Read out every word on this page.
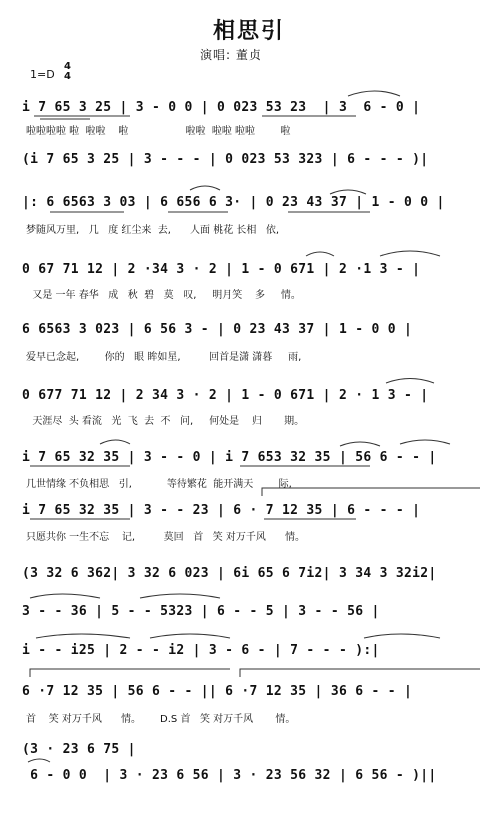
相思引
演唱: 董贞
1=D
4
4
i 7 65 3 25 | 3 - 0 0 | 0 023 53 23  | 3  6 - 0 |
啦啦啦啦 啦  啦啦    啦                  啦啦  啦啦 啦啦        啦
(i 7 65 3 25 | 3 - - - | 0 023 53 323 | 6 - - - )|
|: 6 6563 3 03 | 6 656 6 3· | 0 23 43 37 | 1 - 0 0 |
梦随风万里,   几   度 红尘来  去,      人面 桃花 长相   依,
0 67 71 12 | 2 ·34 3 · 2 | 1 - 0 671 | 2 ·1 3 - |
又是 一年 春华   成   秋  碧   莫   叹,     明月笑    多     情。
6 6563 3 023 | 6 56 3 - | 0 23 43 37 | 1 - 0 0 |
爱早已念起,        你的   眼 眸如星,         回首是潇 潇暮     雨,
0 677 71 12 | 2 34 3 · 2 | 1 - 0 671 | 2 · 1 3 - |
天涯尽  头 看流   光  飞  去  不   问,     何处是    归       期。
i 7 65 32 35 | 3 - - 0 | i 7 653 32 35 | 56 6 - - |
几世情缘 不负相思   引,           等待繁花  能开满天        际,
i 7 65 32 35 | 3 - - 23 | 6 · 7 12 35 | 6 - - - |
只愿共你 一生不忘    记,         莫回   首   笑 对万千风      情。
(3 32 6 362| 3 32 6 023 | 6i 65 6 7i2| 3 34 3 32i2|
3 - - 36 | 5 - - 5323 | 6 - - 5 | 3 - - 56 |
i - - i25 | 2 - - i2 | 3 - 6 - | 7 - - - ):|
6 ·7 12 35 | 56 6 - - || 6 ·7 12 35 | 36 6 - - |
首    笑 对万千风      情。      D.S 首   笑 对万千风       情。
(3 · 23 6 75 |
6 - 0 0  | 3 · 23 6 56 | 3 · 23 56 32 | 6 56 - )||
